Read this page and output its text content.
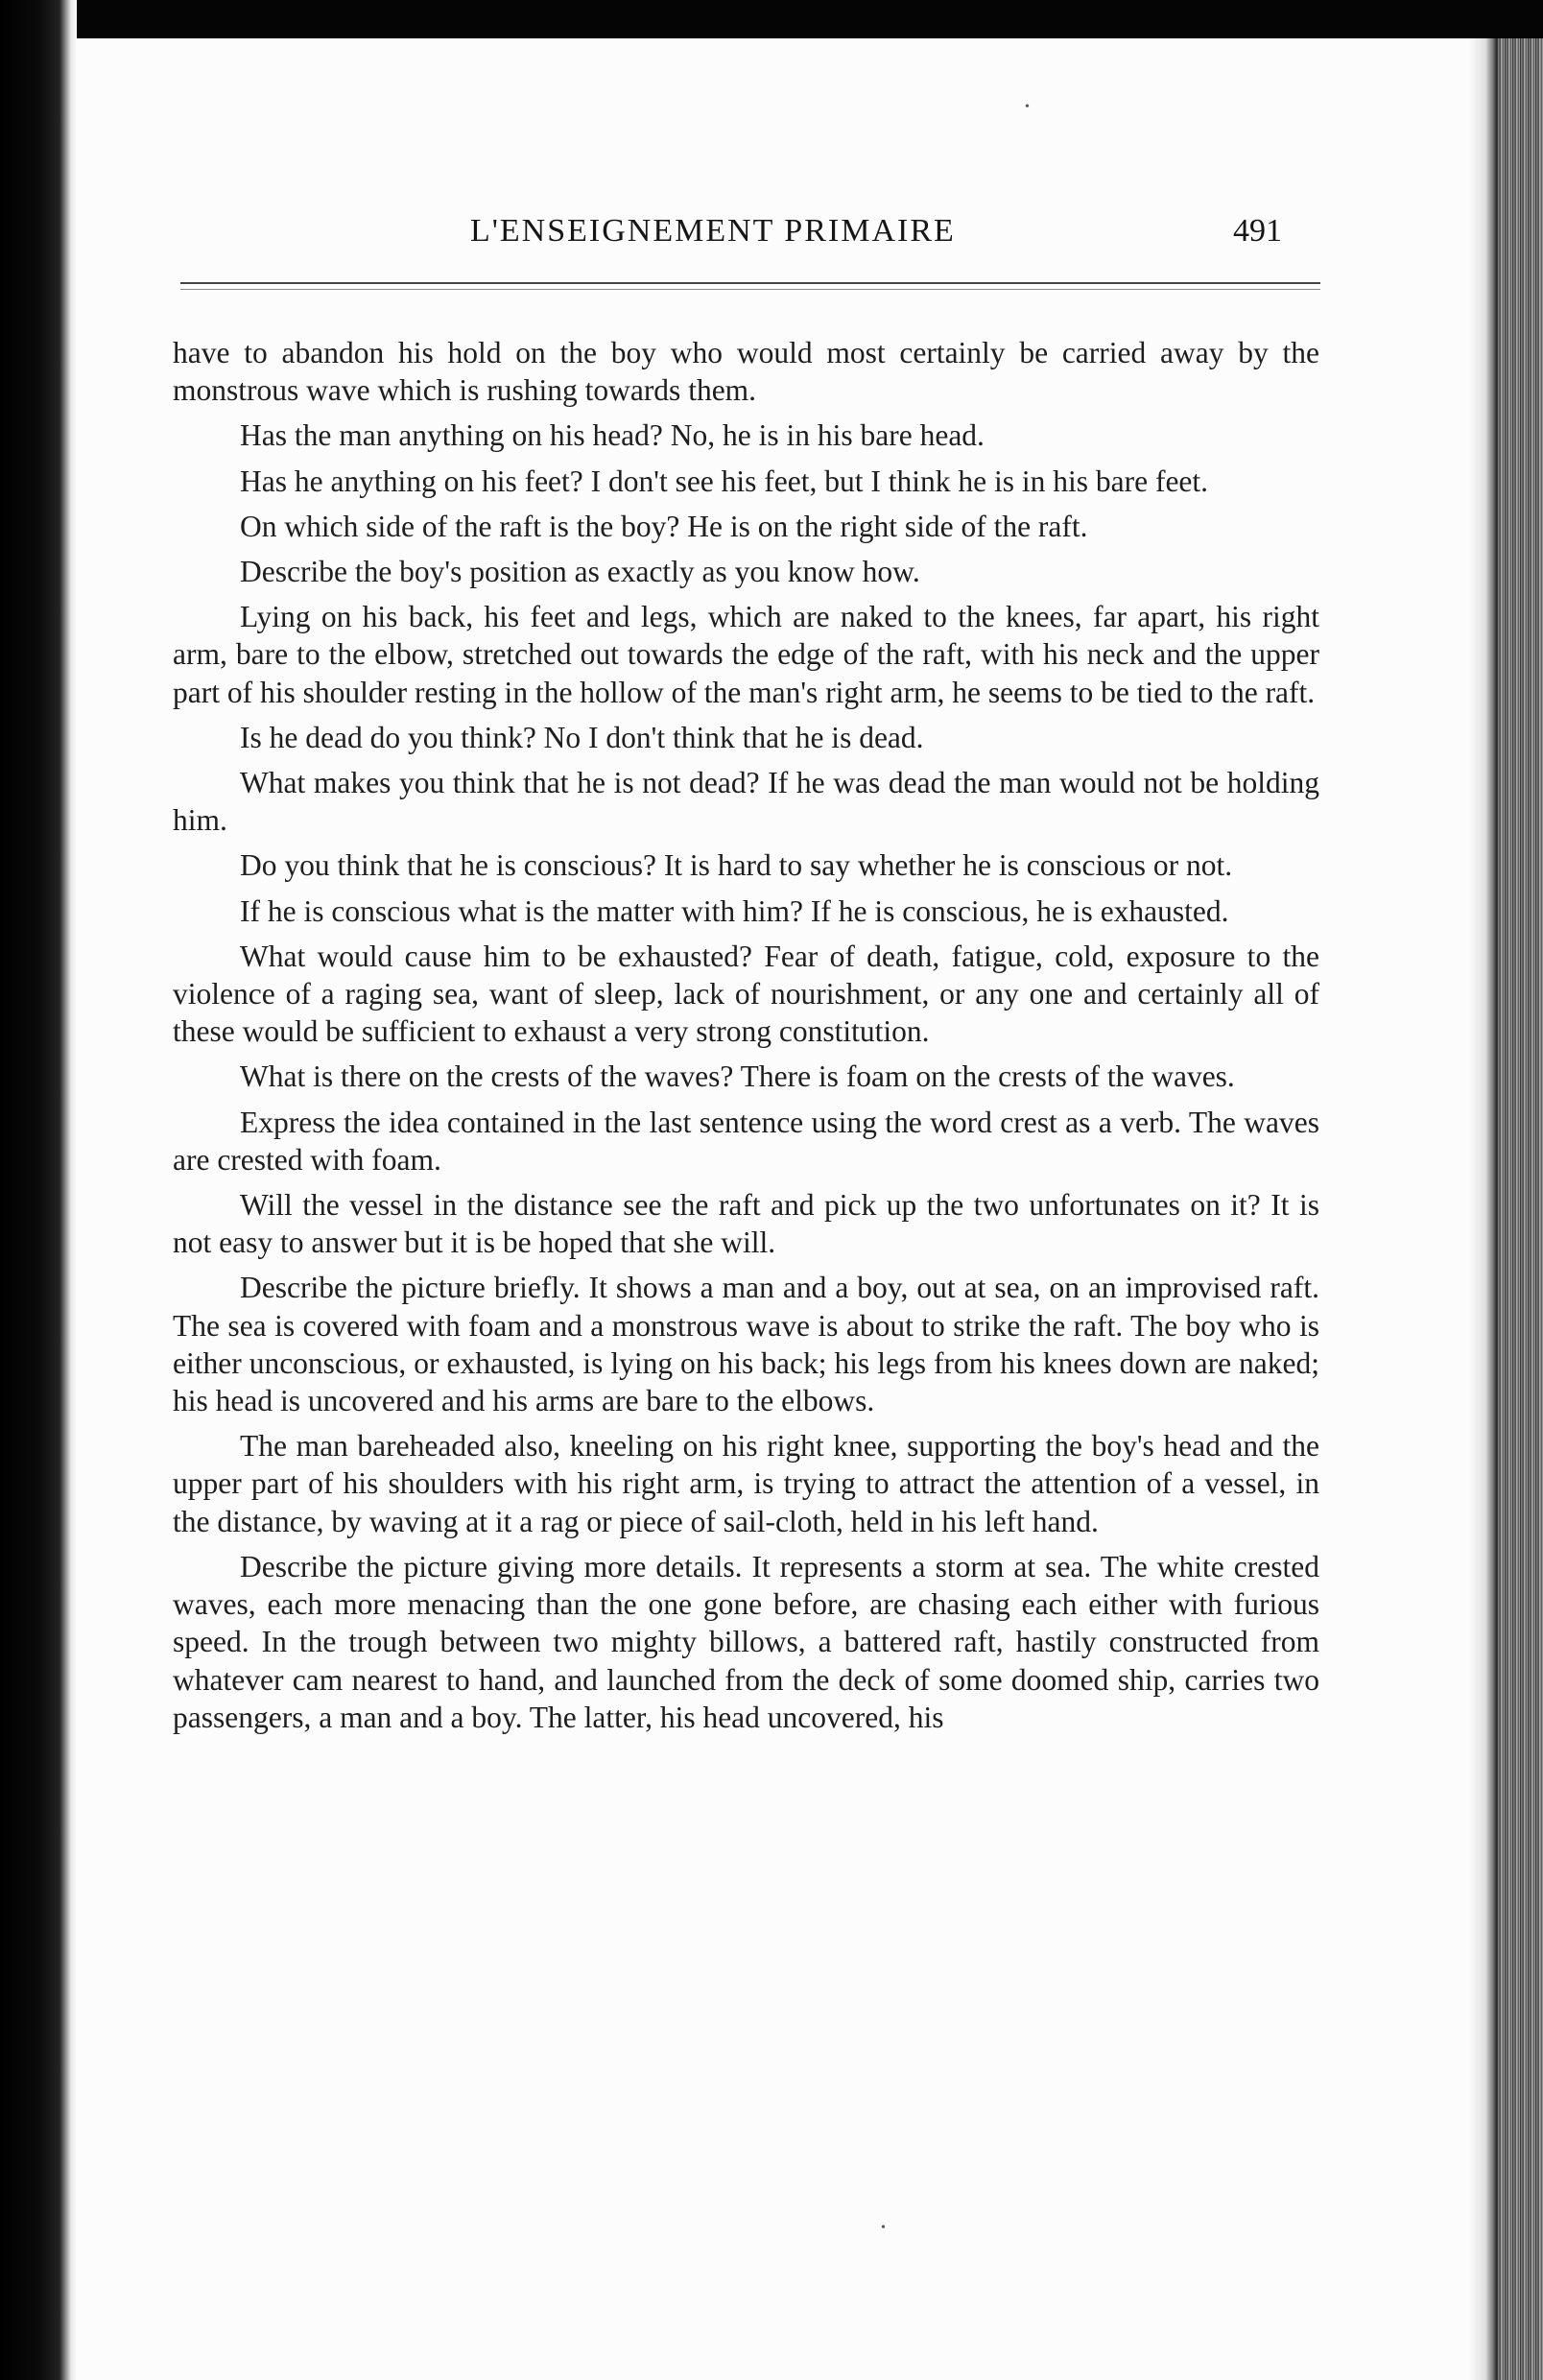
•
L'ENSEIGNEMENT PRIMAIRE	491

have to abandon his hold on the boy who would most certainly be carried away by the monstrous wave which is rushing towards them.

Has the man anything on his head? No, he is in his bare head.

Has he anything on his feet? I don't see his feet, but I think he is in his bare feet.

On which side of the raft is the boy? He is on the right side of the raft.

Describe the boy's position as exactly as you know how.

Lying on his back, his feet and legs, which are naked to the knees, far apart, his right arm, bare to the elbow, stretched out towards the edge of the raft, with his neck and the upper part of his shoulder resting in the hollow of the man's right arm, he seems to be tied to the raft.

Is he dead do you think? No I don't think that he is dead.

What makes you think that he is not dead? If he was dead the man would not be holding him.

Do you think that he is conscious? It is hard to say whether he is conscious or not.

If he is conscious what is the matter with him? If he is conscious, he is exhausted.

What would cause him to be exhausted? Fear of death, fatigue, cold, exposure to the violence of a raging sea, want of sleep, lack of nourishment, or any one and certainly all of these would be sufficient to exhaust a very strong constitution.

What is there on the crests of the waves? There is foam on the crests of the waves.

Express the idea contained in the last sentence using the word crest as a verb. The waves are crested with foam.

Will the vessel in the distance see the raft and pick up the two unfortunates on it? It is not easy to answer but it is be hoped that she will.

Describe the picture briefly. It shows a man and a boy, out at sea, on an improvised raft. The sea is covered with foam and a monstrous wave is about to strike the raft. The boy who is either unconscious, or exhausted, is lying on his back; his legs from his knees down are naked; his head is uncovered and his arms are bare to the elbows.

The man bareheaded also, kneeling on his right knee, supporting the boy's head and the upper part of his shoulders with his right arm, is trying to attract the attention of a vessel, in the distance, by waving at it a rag or piece of sail-cloth, held in his left hand.

Describe the picture giving more details. It represents a storm at sea. The white crested waves, each more menacing than the one gone before, are chasing each either with furious speed. In the trough between two mighty billows, a battered raft, hastily constructed from whatever cam nearest to hand, and launched from the deck of some doomed ship, carries two passengers, a man and a boy. The latter, his head uncovered, his

•
